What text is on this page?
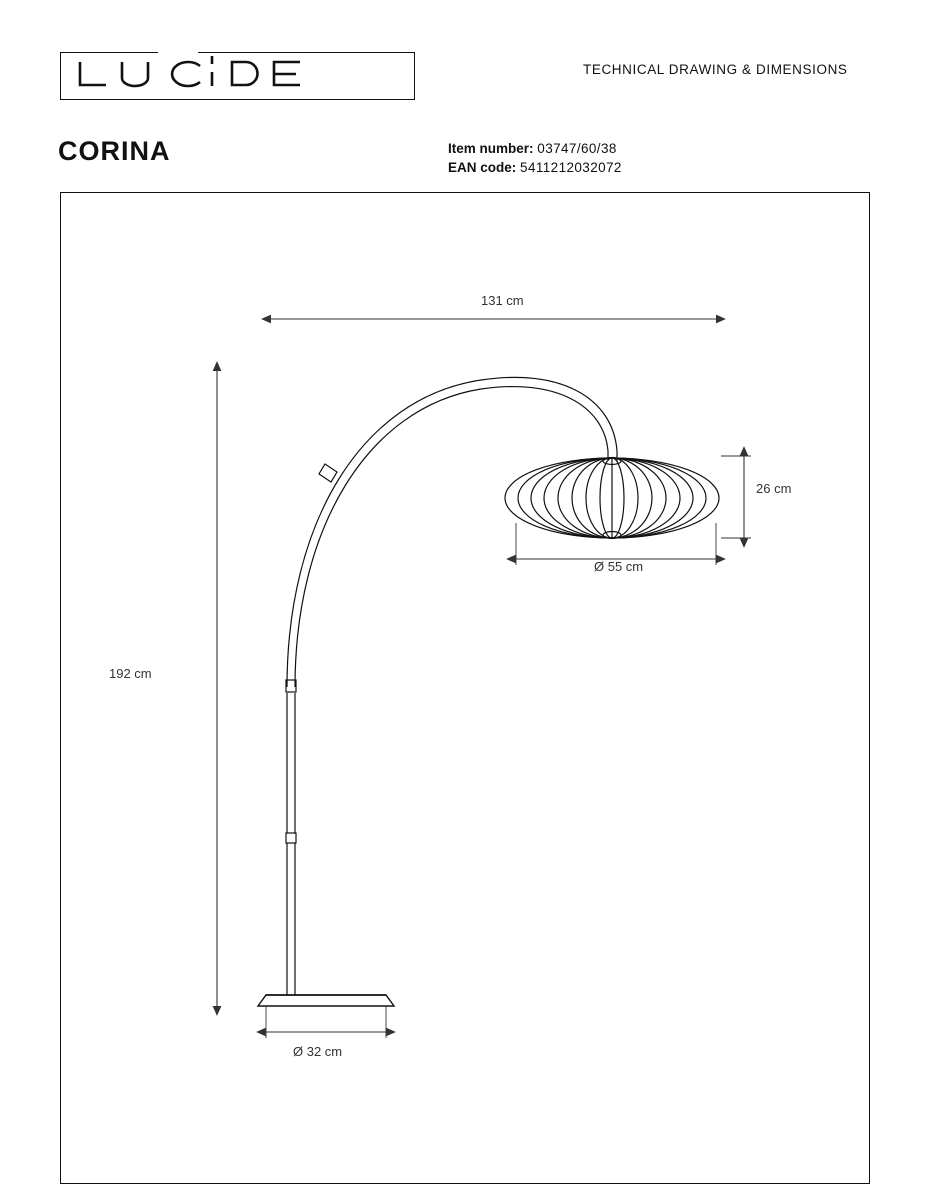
TECHNICAL DRAWING & DIMENSIONS
CORINA	Item number: 03747/60/38
EAN code: 5411212032072
131 cm
192 cm
26 cm
Ø 55 cm
Ø 32 cm
